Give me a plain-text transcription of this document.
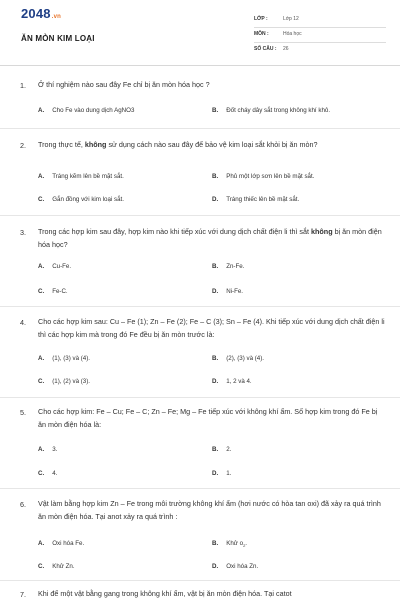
2048.vn
ĂN MÒN KIM LOẠI
LỚP :	Lớp 12
MÔN :	Hóa học
SỐ CÂU :	26
1. Ở thí nghiệm nào sau đây Fe chỉ bị ăn mòn hóa học ?
A. Cho Fe vào dung dịch AgNO3	B. Đốt cháy dây sắt trong không khí khô.
2. Trong thực tế, không sử dụng cách nào sau đây để bảo vệ kim loại sắt khỏi bị ăn mòn?
A. Tráng kẽm lên bề mặt sắt.	B. Phủ một lớp sơn lên bề mặt sắt.
C. Gắn đồng với kim loại sắt.	D. Tráng thiếc lên bề mặt sắt.
3. Trong các hợp kim sau đây, hợp kim nào khi tiếp xúc với dung dịch chất điện li thì sắt không bị ăn mòn điện hóa học?
A. Cu-Fe.	B. Zn-Fe.
C. Fe-C.	D. Ni-Fe.
4. Cho các hợp kim sau: Cu – Fe (1); Zn – Fe (2); Fe – C (3); Sn – Fe (4). Khi tiếp xúc với dung dịch chất điện li thì các hợp kim mà trong đó Fe đều bị ăn mòn trước là:
A. (1), (3) và (4).	B. (2), (3) và (4).
C. (1), (2) và (3).	D. 1, 2 và 4.
5. Cho các hợp kim: Fe – Cu; Fe – C; Zn – Fe; Mg – Fe tiếp xúc với không khí ẩm. Số hợp kim trong đó Fe bị ăn mòn điện hóa là:
A. 3.	B. 2.
C. 4.	D. 1.
6. Vật làm bằng hợp kim Zn – Fe trong môi trường không khí ẩm (hơi nước có hòa tan oxi) đã xảy ra quá trình ăn mòn điện hóa. Tại anot xảy ra quá trình :
A. Oxi hóa Fe.	B. Khử $o_2$.
C. Khử Zn.	D. Oxi hóa Zn.
7. Khi để một vật bằng gang trong không khí ẩm, vật bị ăn mòn điện hóa. Tại catot
